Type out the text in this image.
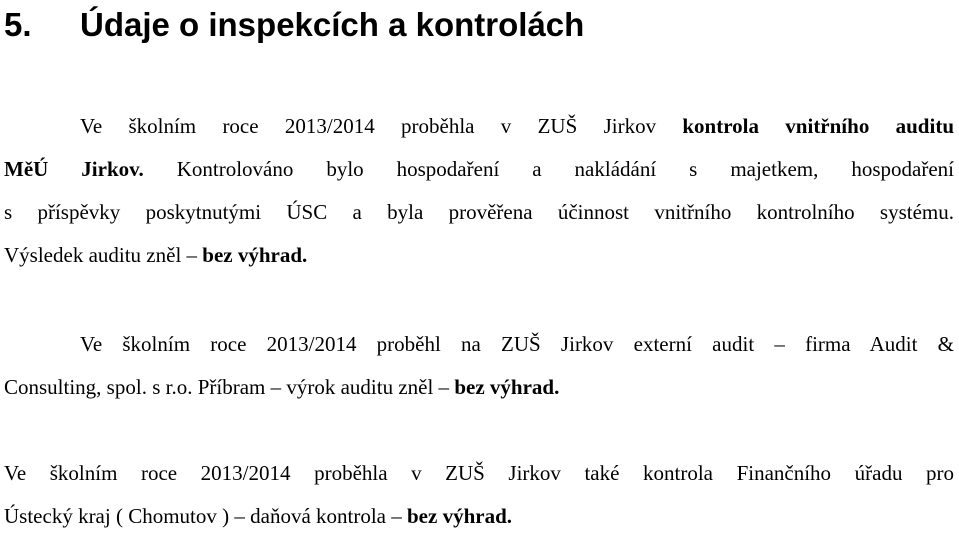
5. Údaje o inspekcích a kontrolách
Ve školním roce 2013/2014 proběhla v ZUŠ Jirkov kontrola vnitřního auditu
MěÚ Jirkov. Kontrolováno bylo hospodaření a nakládání s majetkem, hospodaření
s příspěvky poskytnutými ÚSC a byla prověřena účinnost vnitřního kontrolního systému.
Výsledek auditu zněl – bez výhrad.
Ve školním roce 2013/2014 proběhl na ZUŠ Jirkov externí audit – firma Audit &
Consulting, spol. s r.o. Příbram – výrok auditu zněl – bez výhrad.
Ve školním roce 2013/2014 proběhla v ZUŠ Jirkov také kontrola Finančního úřadu pro
Ústecký kraj ( Chomutov ) – daňová kontrola – bez výhrad.
